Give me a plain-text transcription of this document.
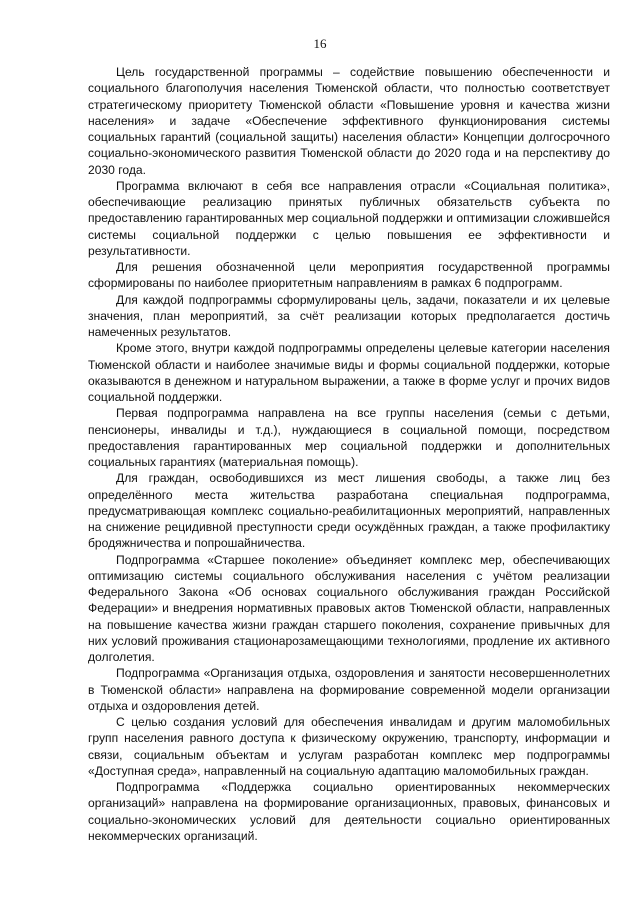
16

Цель государственной программы – содействие повышению обеспеченности и социального благополучия населения Тюменской области, что полностью соответствует стратегическому приоритету Тюменской области «Повышение уровня и качества жизни населения» и задаче «Обеспечение эффективного функционирования системы социальных гарантий (социальной защиты) населения области» Концепции долгосрочного социально-экономического развития Тюменской области до 2020 года и на перспективу до 2030 года.

Программа включают в себя все направления отрасли «Социальная политика», обеспечивающие реализацию принятых публичных обязательств субъекта по предоставлению гарантированных мер социальной поддержки и оптимизации сложившейся системы социальной поддержки с целью повышения ее эффективности и результативности.

Для решения обозначенной цели мероприятия государственной программы сформированы по наиболее приоритетным направлениям в рамках 6 подпрограмм.

Для каждой подпрограммы сформулированы цель, задачи, показатели и их целевые значения, план мероприятий, за счёт реализации которых предполагается достичь намеченных результатов.

Кроме этого, внутри каждой подпрограммы определены целевые категории населения Тюменской области и наиболее значимые виды и формы социальной поддержки, которые оказываются в денежном и натуральном выражении, а также в форме услуг и прочих видов социальной поддержки.

Первая подпрограмма направлена на все группы населения (семьи с детьми, пенсионеры, инвалиды и т.д.), нуждающиеся в социальной помощи, посредством предоставления гарантированных мер социальной поддержки и дополнительных социальных гарантиях (материальная помощь).

Для граждан, освободившихся из мест лишения свободы, а также лиц без определённого места жительства разработана специальная подпрограмма, предусматривающая комплекс социально-реабилитационных мероприятий, направленных на снижение рецидивной преступности среди осуждённых граждан, а также профилактику бродяжничества и попрошайничества.

Подпрограмма «Старшее поколение» объединяет комплекс мер, обеспечивающих оптимизацию системы социального обслуживания населения с учётом реализации Федерального Закона «Об основах социального обслуживания граждан Российской Федерации» и внедрения нормативных правовых актов Тюменской области, направленных на повышение качества жизни граждан старшего поколения, сохранение привычных для них условий проживания стационарозамещающими технологиями, продление их активного долголетия.

Подпрограмма «Организация отдыха, оздоровления и занятости несовершеннолетних в Тюменской области» направлена на формирование современной модели организации отдыха и оздоровления детей.

С целью создания условий для обеспечения инвалидам и другим маломобильных групп населения равного доступа к физическому окружению, транспорту, информации и связи, социальным объектам и услугам разработан комплекс мер подпрограммы «Доступная среда», направленный на социальную адаптацию маломобильных граждан.

Подпрограмма «Поддержка социально ориентированных некоммерческих организаций» направлена на формирование организационных, правовых, финансовых и социально-экономических условий для деятельности социально ориентированных некоммерческих организаций.
